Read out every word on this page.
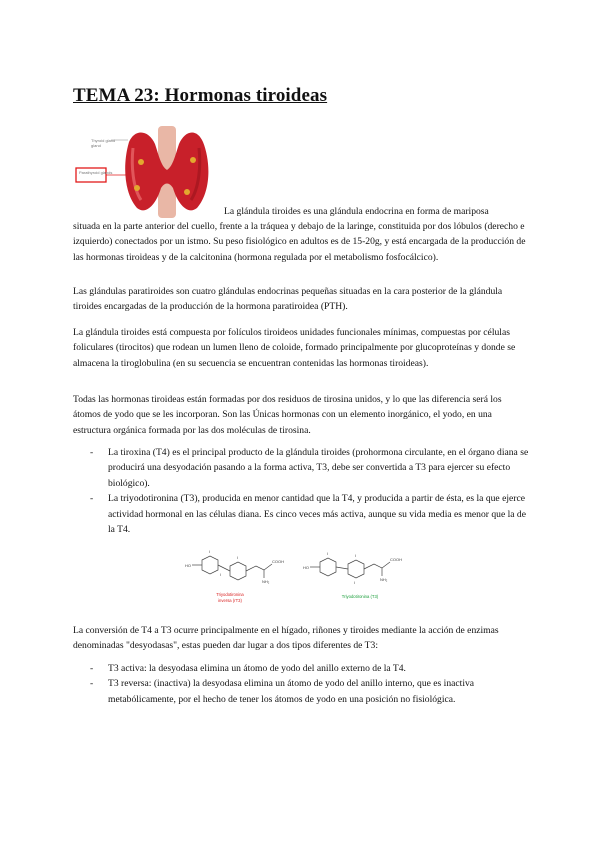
TEMA 23: Hormonas tiroideas
Thyroid gland
gland
Parathyroid glands

La glándula tiroides es una glándula endocrina en forma de mariposa

situada en la parte anterior del cuello, frente a la tráquea y debajo de la laringe, constituida por dos lóbulos (derecho e izquierdo) conectados por un istmo. Su peso fisiológico en adultos es de 15-20g, y está encargada de la producción de las hormonas tiroideas y de la calcitonina (hormona regulada por el metabolismo fosfocálcico).

Las glándulas paratiroides son cuatro glándulas endocrinas pequeñas situadas en la cara posterior de la glándula tiroides encargadas de la producción de la hormona paratiroidea (PTH).

La glándula tiroides está compuesta por folículos tiroideos unidades funcionales mínimas, compuestas por células foliculares (tirocitos) que rodean un lumen lleno de coloide, formado principalmente por glucoproteínas y donde se almacena la tiroglobulina (en su secuencia se encuentran contenidas las hormonas tiroideas).

Todas las hormonas tiroideas están formadas por dos residuos de tirosina unidos, y lo que las diferencia será los átomos de yodo que se les incorporan. Son las Únicas hormonas con un elemento inorgánico, el yodo, en una estructura orgánica formada por las dos moléculas de tirosina.

- La tiroxina (T4) es el principal producto de la glándula tiroides (prohormona circulante, en el órgano diana se producirá una desyodación pasando a la forma activa, T3, debe ser convertida a T3 para ejercer su efecto biológico).
- La triyodotironina (T3), producida en menor cantidad que la T4, y producida a partir de ésta, es la que ejerce actividad hormonal en las células diana. Es cinco veces más activa, aunque su vida media es menor que la de la T4.
I
I
I
HO
COOH
NH₂
Triyodotironina
inversa (rT3)
I	I
I
HO
COOH
NH₂
Triyodotironina (T3)

La conversión de T4 a T3 ocurre principalmente en el hígado, riñones y tiroides mediante la acción de enzimas denominadas "desyodasas", estas pueden dar lugar a dos tipos diferentes de T3:

- T3 activa: la desyodasa elimina un átomo de yodo del anillo externo de la T4.
- T3 reversa: (inactiva) la desyodasa elimina un átomo de yodo del anillo interno, que es inactiva metabólicamente, por el hecho de tener los átomos de yodo en una posición no fisiológica.
